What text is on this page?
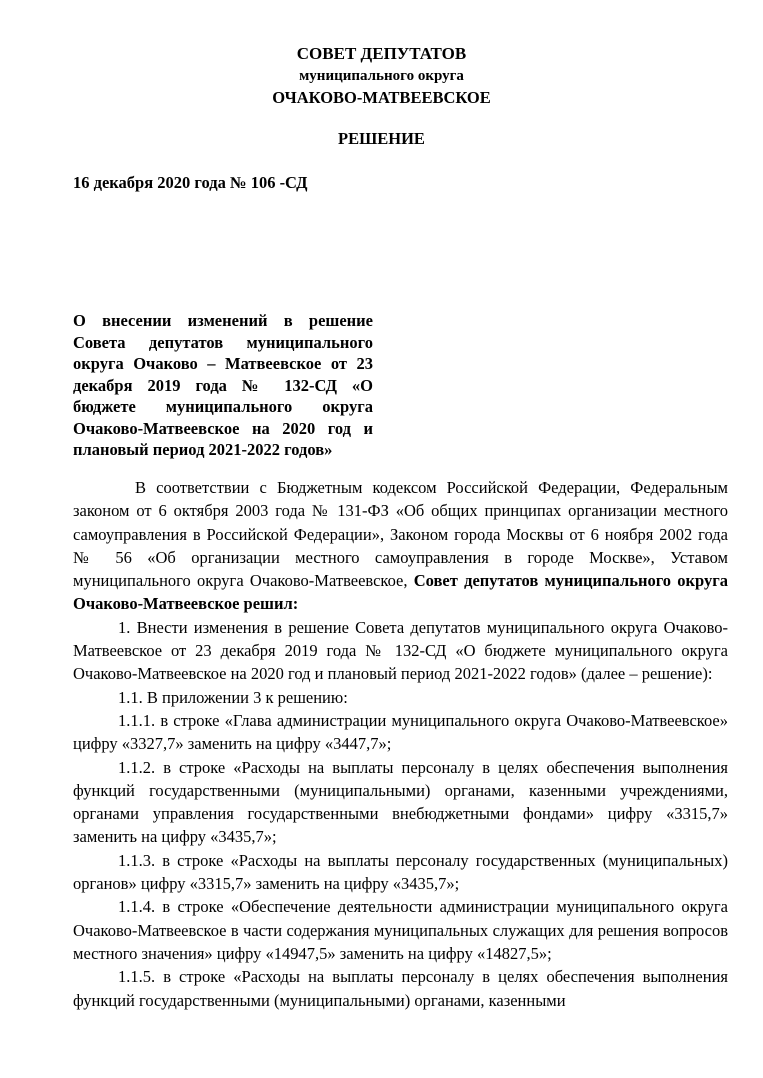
СОВЕТ ДЕПУТАТОВ

муниципального округа

ОЧАКОВО-МАТВЕЕВСКОЕ

РЕШЕНИЕ

16 декабря 2020 года № 106 -СД

О внесении изменений в решение Совета депутатов муниципального округа Очаково – Матвеевское от 23 декабря 2019 года № 132-СД «О бюджете муниципального округа Очаково-Матвеевское на 2020 год и плановый период 2021-2022 годов»

В соответствии с Бюджетным кодексом Российской Федерации, Федеральным законом от 6 октября 2003 года № 131-ФЗ «Об общих принципах организации местного самоуправления в Российской Федерации», Законом города Москвы от 6 ноября 2002 года № 56 «Об организации местного самоуправления в городе Москве», Уставом муниципального округа Очаково-Матвеевское, Совет депутатов муниципального округа Очаково-Матвеевское решил:

1. Внести изменения в решение Совета депутатов муниципального округа Очаково-Матвеевское от 23 декабря 2019 года № 132-СД «О бюджете муниципального округа Очаково-Матвеевское на 2020 год и плановый период 2021-2022 годов» (далее – решение):

1.1. В приложении 3 к решению:

1.1.1. в строке «Глава администрации муниципального округа Очаково-Матвеевское» цифру «3327,7» заменить на цифру «3447,7»;

1.1.2. в строке «Расходы на выплаты персоналу в целях обеспечения выполнения функций государственными (муниципальными) органами, казенными учреждениями, органами управления государственными внебюджетными фондами» цифру «3315,7» заменить на цифру «3435,7»;

1.1.3. в строке «Расходы на выплаты персоналу государственных (муниципальных) органов» цифру «3315,7» заменить на цифру «3435,7»;

1.1.4. в строке «Обеспечение деятельности администрации муниципального округа Очаково-Матвеевское в части содержания муниципальных служащих для решения вопросов местного значения» цифру «14947,5» заменить на цифру «14827,5»;

1.1.5. в строке «Расходы на выплаты персоналу в целях обеспечения выполнения функций государственными (муниципальными) органами, казенными
